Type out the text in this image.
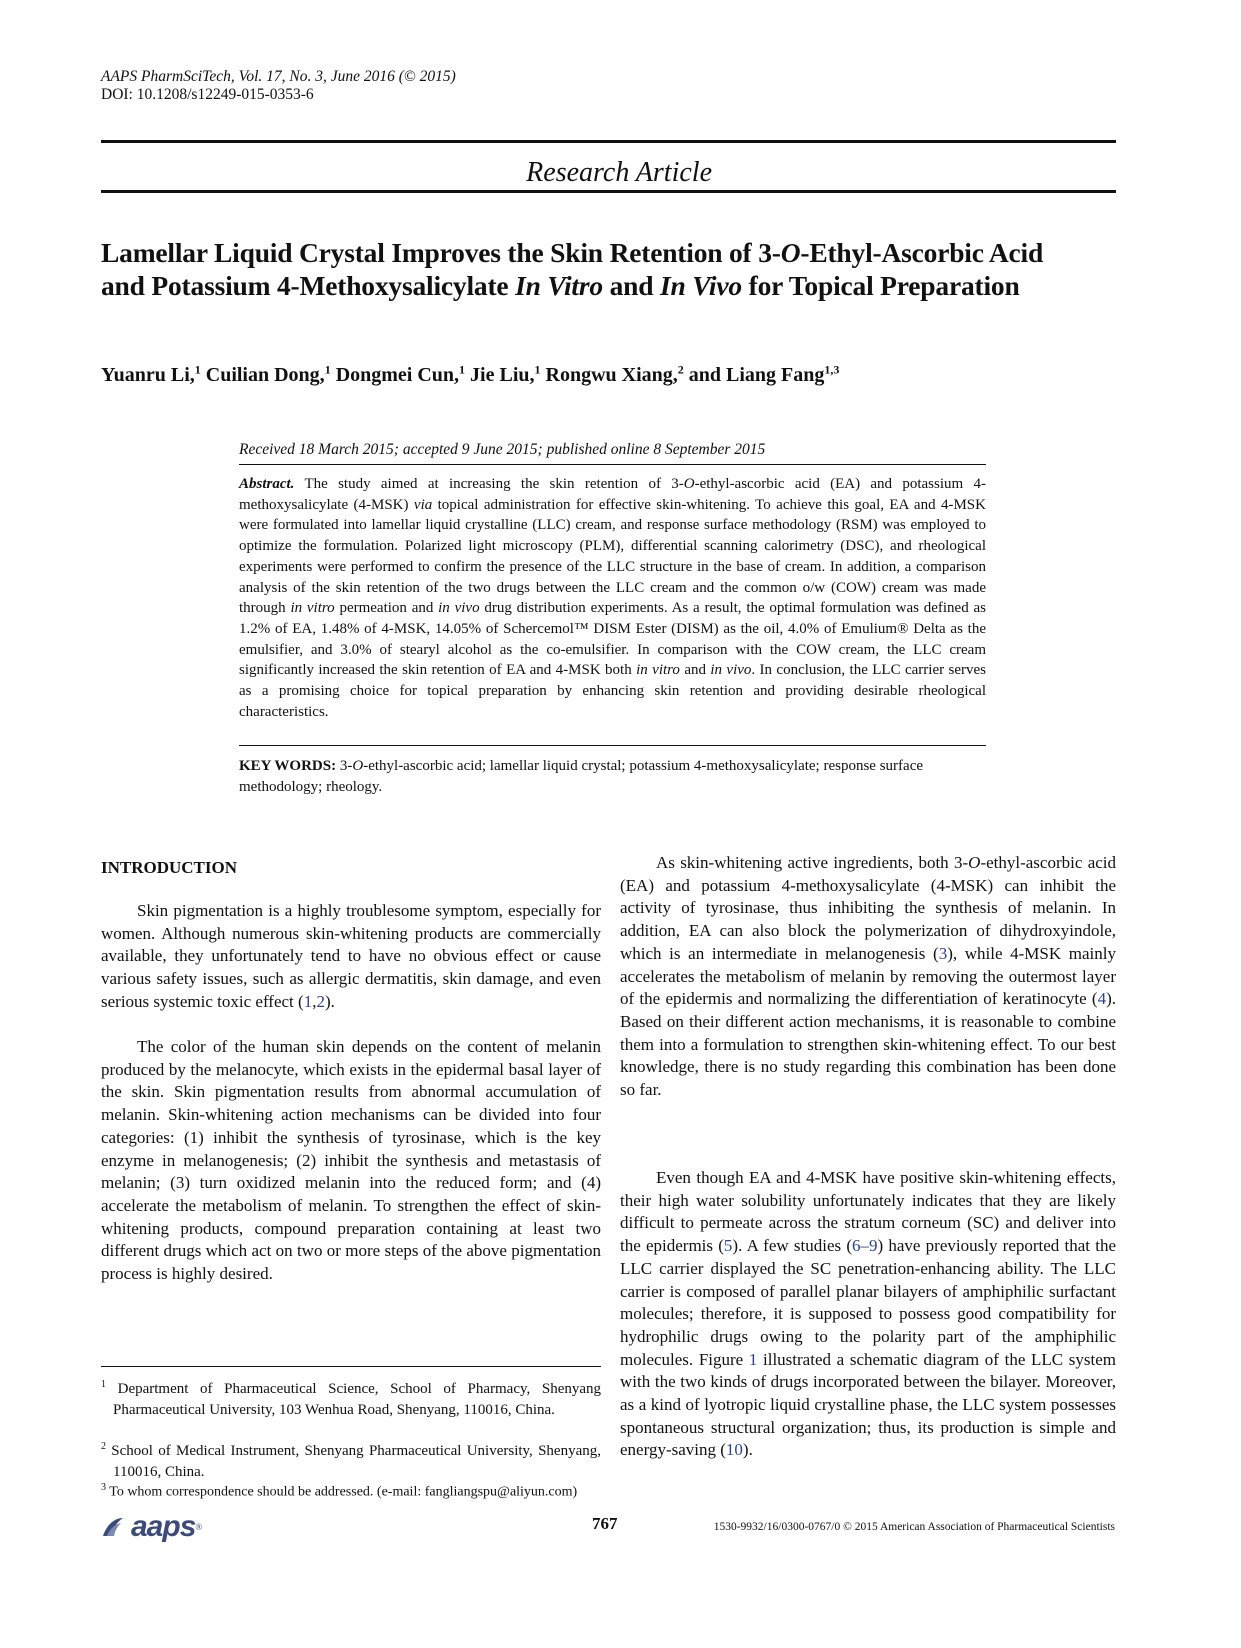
AAPS PharmSciTech, Vol. 17, No. 3, June 2016 (© 2015)
DOI: 10.1208/s12249-015-0353-6
Research Article
Lamellar Liquid Crystal Improves the Skin Retention of 3-O-Ethyl-Ascorbic Acid
and Potassium 4-Methoxysalicylate In Vitro and In Vivo for Topical Preparation
Yuanru Li,$^1$ Cuilian Dong,$^1$ Dongmei Cun,$^1$ Jie Liu,$^1$ Rongwu Xiang,$^2$ and Liang Fang$^{1,3}$
Received 18 March 2015; accepted 9 June 2015; published online 8 September 2015
Abstract. The study aimed at increasing the skin retention of 3-O-ethyl-ascorbic acid (EA) and potassium 4-methoxysalicylate (4-MSK) via topical administration for effective skin-whitening. To achieve this goal, EA and 4-MSK were formulated into lamellar liquid crystalline (LLC) cream, and response surface methodology (RSM) was employed to optimize the formulation. Polarized light microscopy (PLM), differential scanning calorimetry (DSC), and rheological experiments were performed to confirm the presence of the LLC structure in the base of cream. In addition, a comparison analysis of the skin retention of the two drugs between the LLC cream and the common o/w (COW) cream was made through in vitro permeation and in vivo drug distribution experiments. As a result, the optimal formulation was defined as 1.2% of EA, 1.48% of 4-MSK, 14.05% of Schercemol™ DISM Ester (DISM) as the oil, 4.0% of Emulium® Delta as the emulsifier, and 3.0% of stearyl alcohol as the co-emulsifier. In comparison with the COW cream, the LLC cream significantly increased the skin retention of EA and 4-MSK both in vitro and in vivo. In conclusion, the LLC carrier serves as a promising choice for topical preparation by enhancing skin retention and providing desirable rheological characteristics.
KEY WORDS: 3-O-ethyl-ascorbic acid; lamellar liquid crystal; potassium 4-methoxysalicylate; response surface methodology; rheology.
INTRODUCTION

Skin pigmentation is a highly troublesome symptom, especially for women. Although numerous skin-whitening products are commercially available, they unfortunately tend to have no obvious effect or cause various safety issues, such as allergic dermatitis, skin damage, and even serious systemic toxic effect (1,2).

The color of the human skin depends on the content of melanin produced by the melanocyte, which exists in the epidermal basal layer of the skin. Skin pigmentation results from abnormal accumulation of melanin. Skin-whitening action mechanisms can be divided into four categories: (1) inhibit the synthesis of tyrosinase, which is the key enzyme in melanogenesis; (2) inhibit the synthesis and metastasis of melanin; (3) turn oxidized melanin into the reduced form; and (4) accelerate the metabolism of melanin. To strengthen the effect of skin-whitening products, compound preparation containing at least two different drugs which act on two or more steps of the above pigmentation process is highly desired.

$^1$ Department of Pharmaceutical Science, School of Pharmacy, Shenyang Pharmaceutical University, 103 Wenhua Road, Shenyang, 110016, China.
$^2$ School of Medical Instrument, Shenyang Pharmaceutical University, Shenyang, 110016, China.
$^3$ To whom correspondence should be addressed. (e-mail: fangliangspu@aliyun.com)

As skin-whitening active ingredients, both 3-O-ethyl-ascorbic acid (EA) and potassium 4-methoxysalicylate (4-MSK) can inhibit the activity of tyrosinase, thus inhibiting the synthesis of melanin. In addition, EA can also block the polymerization of dihydroxyindole, which is an intermediate in melanogenesis (3), while 4-MSK mainly accelerates the metabolism of melanin by removing the outermost layer of the epidermis and normalizing the differentiation of keratinocyte (4). Based on their different action mechanisms, it is reasonable to combine them into a formulation to strengthen skin-whitening effect. To our best knowledge, there is no study regarding this combination has been done so far.

Even though EA and 4-MSK have positive skin-whitening effects, their high water solubility unfortunately indicates that they are likely difficult to permeate across the stratum corneum (SC) and deliver into the epidermis (5). A few studies (6–9) have previously reported that the LLC carrier displayed the SC penetration-enhancing ability. The LLC carrier is composed of parallel planar bilayers of amphiphilic surfactant molecules; therefore, it is supposed to possess good compatibility for hydrophilic drugs owing to the polarity part of the amphiphilic molecules. Figure 1 illustrated a schematic diagram of the LLC system with the two kinds of drugs incorporated between the bilayer. Moreover, as a kind of lyotropic liquid crystalline phase, the LLC system possesses spontaneous structural organization; thus, its production is simple and energy-saving (10).

aaps ®	767	1530-9932/16/0300-0767/0 © 2015 American Association of Pharmaceutical Scientists
